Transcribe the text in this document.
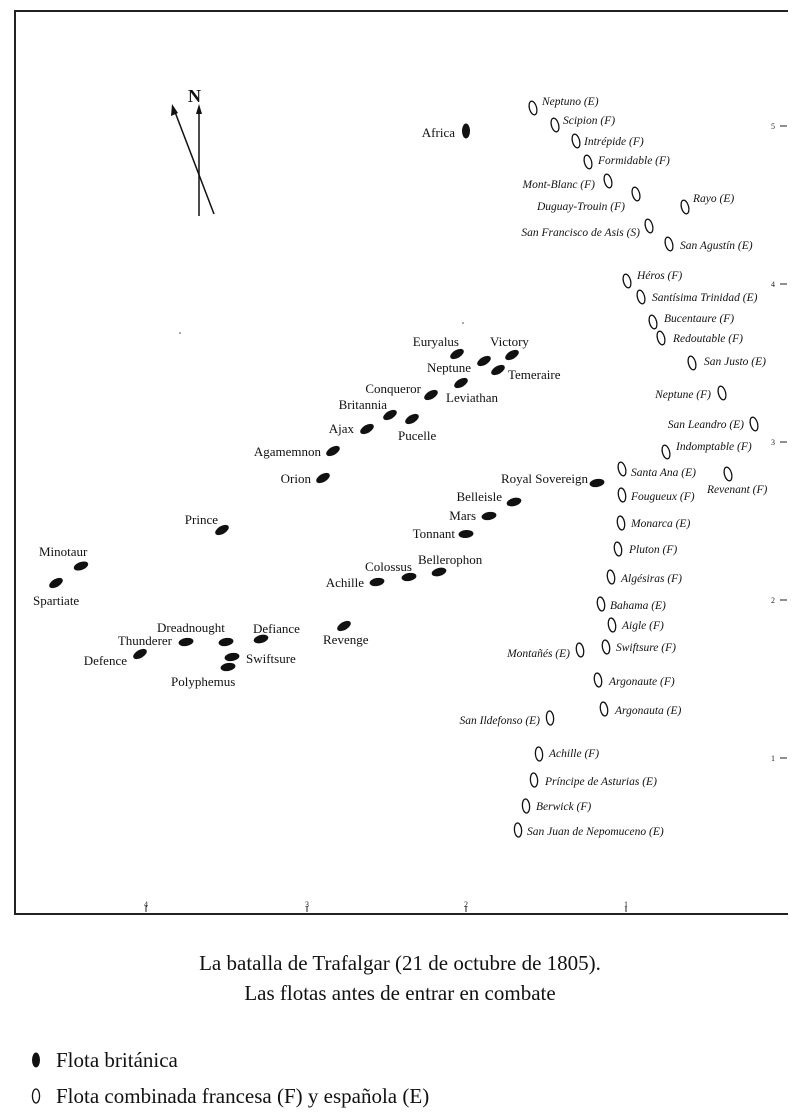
N
4	3	2	1
1
2
3
4
5
Africa
Victory
Euryalus
Neptune	Temeraire
Leviathan
Conqueror
Britannia
Ajax	Pucelle
Agamemnon
Orion	Royal Sovereign
Belleisle
Mars
Tonnant
Bellerophon
Colossus
Achille
Prince
Minotaur
Spartiate
Dreadnought Defiance
Thunderer
Defence	Swiftsure
Polyphemus
Revenge
Neptuno (E)
Scipion (F)
Intrépide (F)
Formidable (F)
Mont-Blanc (F)
Duguay-Trouin (F)
Rayo (E)
San Francisco de Asis (S)
San Agustín (E)
Héros (F)
Santísima Trinidad (E)
Bucentaure (F)
Redoutable (F)
San Justo (E)
Neptune (F)
San Leandro (E)
Indomptable (F)
Santa Ana (E)
Revenant (F)
Fougueux (F)
Monarca (E)
Pluton (F)
Algésiras (F)
Bahama (E)
Aigle (F)
Montañés (E)	Swiftsure (F)
Argonaute (F)
Argonauta (E)
San Ildefonso (E)
Achille (F)
Príncipe de Asturias (E)
Berwick (F)
San Juan de Nepomuceno (E)
La batalla de Trafalgar (21 de octubre de 1805).
Las flotas antes de entrar en combate
Flota británica
Flota combinada francesa (F) y española (E)
